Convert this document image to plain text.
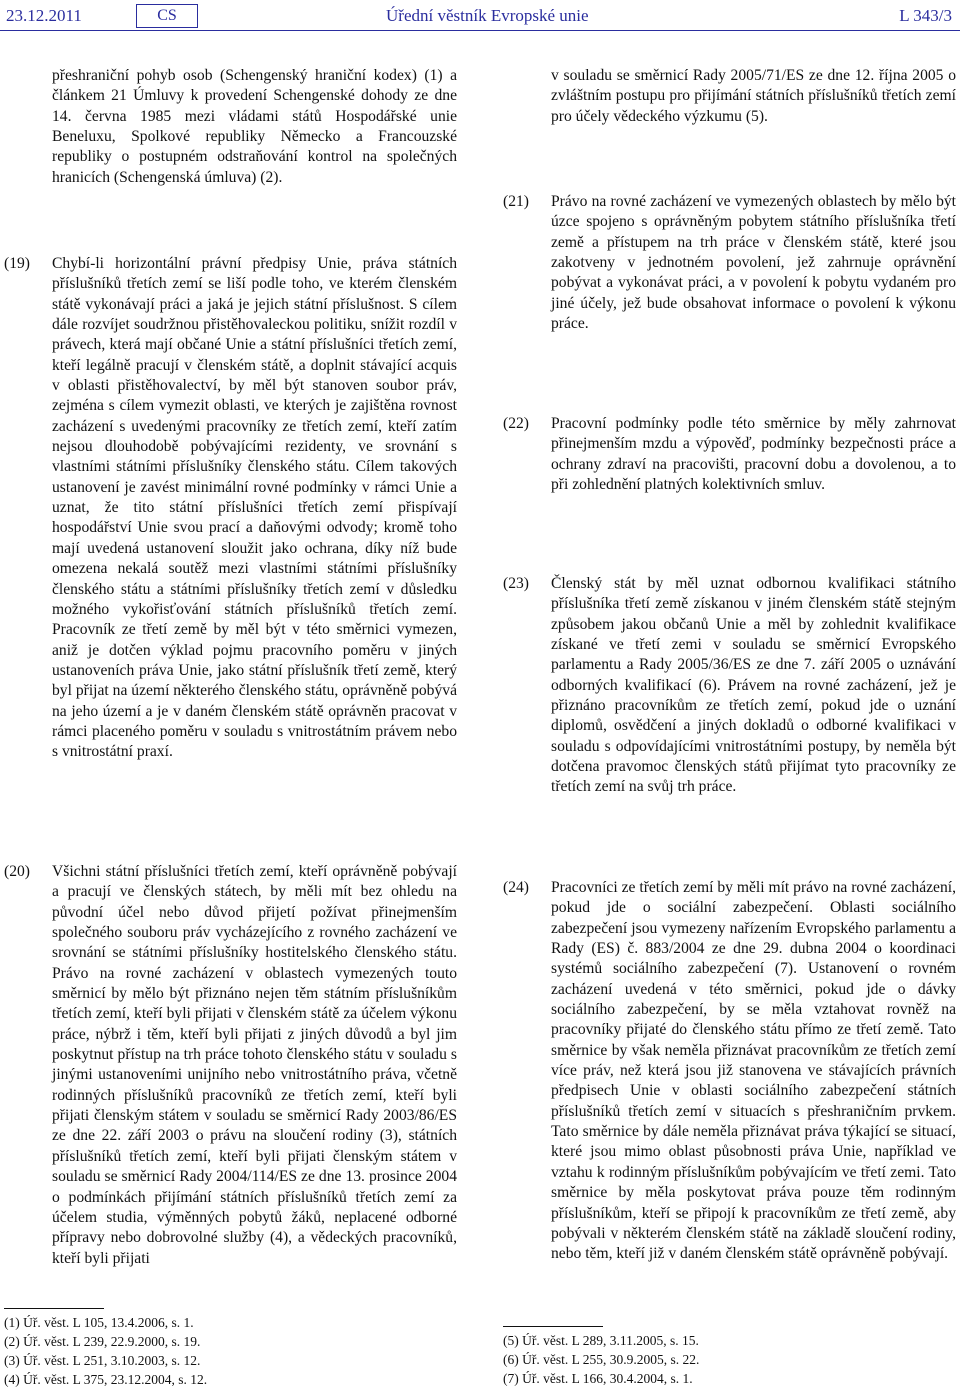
23.12.2011	CS	Úřední věstník Evropské unie	L 343/3
přeshraniční pohyb osob (Schengenský hraniční kodex) (1) a článkem 21 Úmluvy k provedení Schengenské dohody ze dne 14. června 1985 mezi vládami států Hospodářské unie Beneluxu, Spolkové republiky Německo a Francouzské republiky o postupném odstraňování kontrol na společných hranicích (Schengenská úmluva) (2).
(19) Chybí-li horizontální právní předpisy Unie, práva státních příslušníků třetích zemí se liší podle toho, ve kterém členském státě vykonávají práci a jaká je jejich státní příslušnost. S cílem dále rozvíjet soudržnou přistěhovaleckou politiku, snížit rozdíl v právech, která mají občané Unie a státní příslušníci třetích zemí, kteří legálně pracují v členském státě, a doplnit stávající acquis v oblasti přistěhovalectví, by měl být stanoven soubor práv, zejména s cílem vymezit oblasti, ve kterých je zajištěna rovnost zacházení s uvedenými pracovníky ze třetích zemí, kteří zatím nejsou dlouhodobě pobývajícími rezidenty, ve srovnání s vlastními státními příslušníky členského státu. Cílem takových ustanovení je zavést minimální rovné podmínky v rámci Unie a uznat, že tito státní příslušníci třetích zemí přispívají hospodářství Unie svou prací a daňovými odvody; kromě toho mají uvedená ustanovení sloužit jako ochrana, díky níž bude omezena nekalá soutěž mezi vlastními státními příslušníky členského státu a státními příslušníky třetích zemí v důsledku možného vykořisťování státních příslušníků třetích zemí. Pracovník ze třetí země by měl být v této směrnici vymezen, aniž je dotčen výklad pojmu pracovního poměru v jiných ustanoveních práva Unie, jako státní příslušník třetí země, který byl přijat na území některého členského státu, oprávněně pobývá na jeho území a je v daném členském státě oprávněn pracovat v rámci placeného poměru v souladu s vnitrostátním právem nebo s vnitrostátní praxí.
v souladu se směrnicí Rady 2005/71/ES ze dne 12. října 2005 o zvláštním postupu pro přijímání státních příslušníků třetích zemí pro účely vědeckého výzkumu (5).
(21) Právo na rovné zacházení ve vymezených oblastech by mělo být úzce spojeno s oprávněným pobytem státního příslušníka třetí země a přístupem na trh práce v členském státě, které jsou zakotveny v jednotném povolení, jež zahrnuje oprávnění pobývat a vykonávat práci, a v povolení k pobytu vydaném pro jiné účely, jež bude obsahovat informace o povolení k výkonu práce.
(22) Pracovní podmínky podle této směrnice by měly zahrnovat přinejmenším mzdu a výpověď, podmínky bezpečnosti práce a ochrany zdraví na pracovišti, pracovní dobu a dovolenou, a to při zohlednění platných kolektivních smluv.
(23) Členský stát by měl uznat odbornou kvalifikaci státního příslušníka třetí země získanou v jiném členském státě stejným způsobem jakou občanů Unie a měl by zohlednit kvalifikace získané ve třetí zemi v souladu se směrnicí Evropského parlamentu a Rady 2005/36/ES ze dne 7. září 2005 o uznávání odborných kvalifikací (6). Právem na rovné zacházení, jež je přiznáno pracovníkům ze třetích zemí, pokud jde o uznání diplomů, osvědčení a jiných dokladů o odborné kvalifikaci v souladu s odpovídajícími vnitrostátními postupy, by neměla být dotčena pravomoc členských států přijímat tyto pracovníky ze třetích zemí na svůj trh práce.
(20) Všichni státní příslušníci třetích zemí, kteří oprávněně pobývají a pracují ve členských státech, by měli mít bez ohledu na původní účel nebo důvod přijetí požívat přinejmenším společného souboru práv vycházejícího z rovného zacházení ve srovnání se státními příslušníky hostitelského členského státu. Právo na rovné zacházení v oblastech vymezených touto směrnicí by mělo být přiznáno nejen těm státním příslušníkům třetích zemí, kteří byli přijati v členském státě za účelem výkonu práce, nýbrž i těm, kteří byli přijati z jiných důvodů a byl jim poskytnut přístup na trh práce tohoto členského státu v souladu s jinými ustanoveními unijního nebo vnitrostátního práva, včetně rodinných příslušníků pracovníků ze třetích zemí, kteří byli přijati členským státem v souladu se směrnicí Rady 2003/86/ES ze dne 22. září 2003 o právu na sloučení rodiny (3), státních příslušníků třetích zemí, kteří byli přijati členským státem v souladu se směrnicí Rady 2004/114/ES ze dne 13. prosince 2004 o podmínkách přijímání státních příslušníků třetích zemí za účelem studia, výměnných pobytů žáků, neplacené odborné přípravy nebo dobrovolné služby (4), a vědeckých pracovníků, kteří byli přijati
(24) Pracovníci ze třetích zemí by měli mít právo na rovné zacházení, pokud jde o sociální zabezpečení. Oblasti sociálního zabezpečení jsou vymezeny nařízením Evropského parlamentu a Rady (ES) č. 883/2004 ze dne 29. dubna 2004 o koordinaci systémů sociálního zabezpečení (7). Ustanovení o rovném zacházení uvedená v této směrnici, pokud jde o dávky sociálního zabezpečení, by se měla vztahovat rovněž na pracovníky přijaté do členského státu přímo ze třetí země. Tato směrnice by však neměla přiznávat pracovníkům ze třetích zemí více práv, než která jsou již stanovena ve stávajících právních předpisech Unie v oblasti sociálního zabezpečení státních příslušníků třetích zemí v situacích s přeshraničním prvkem. Tato směrnice by dále neměla přiznávat práva týkající se situací, které jsou mimo oblast působnosti práva Unie, například ve vztahu k rodinným příslušníkům pobývajícím ve třetí zemi. Tato směrnice by měla poskytovat práva pouze těm rodinným příslušníkům, kteří se připojí k pracovníkům ze třetí země, aby pobývali v některém členském státě na základě sloučení rodiny, nebo těm, kteří již v daném členském státě oprávněně pobývají.
(1) Úř. věst. L 105, 13.4.2006, s. 1.
(2) Úř. věst. L 239, 22.9.2000, s. 19.
(3) Úř. věst. L 251, 3.10.2003, s. 12.
(4) Úř. věst. L 375, 23.12.2004, s. 12.
(5) Úř. věst. L 289, 3.11.2005, s. 15.
(6) Úř. věst. L 255, 30.9.2005, s. 22.
(7) Úř. věst. L 166, 30.4.2004, s. 1.
